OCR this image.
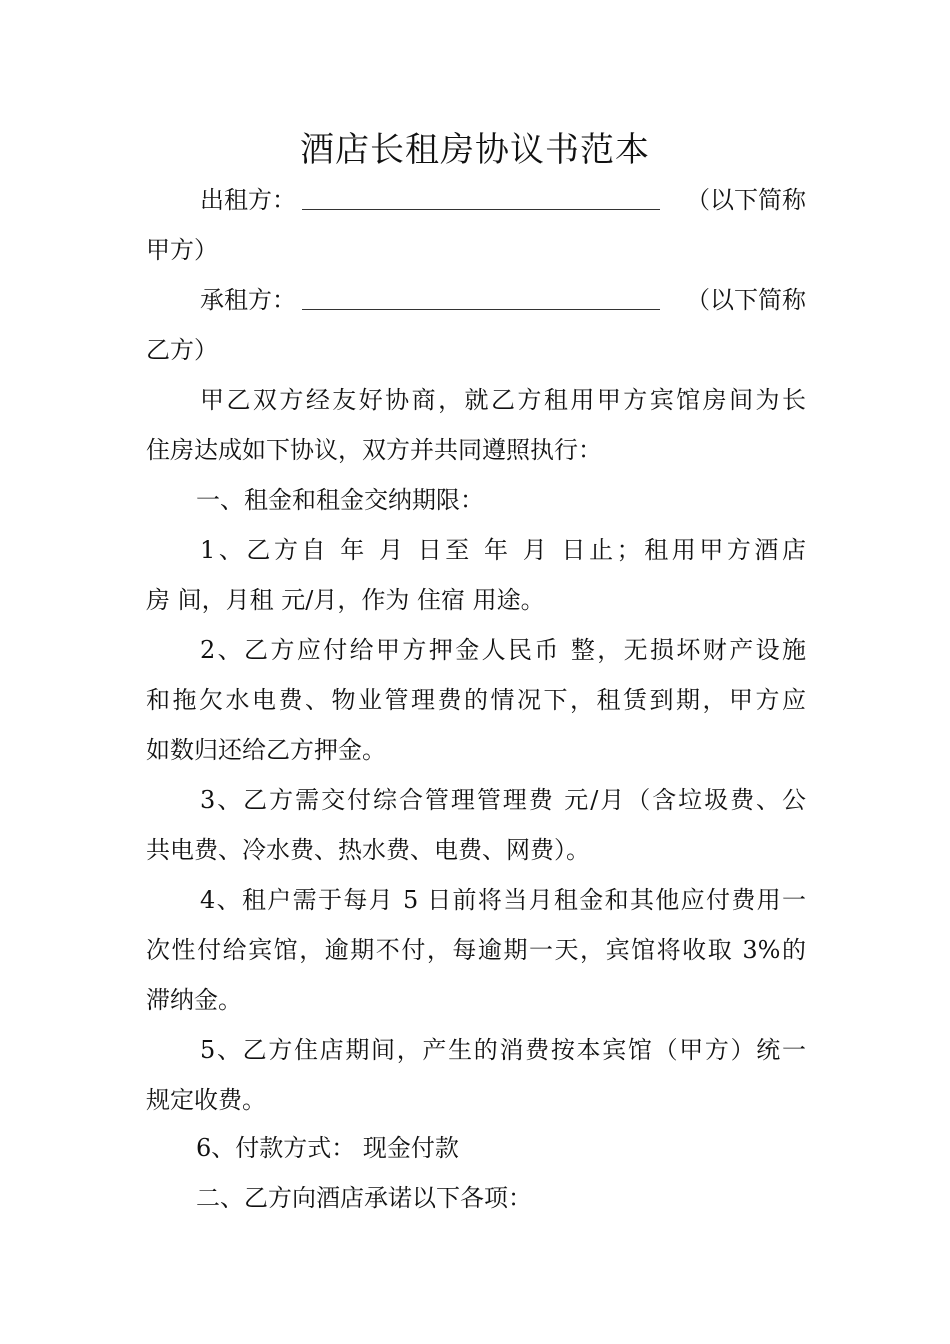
酒店长租房协议书范本
出租方：	（以下简称
甲方）
承租方：	（以下简称
乙方）
甲乙双方经友好协商，就乙方租用甲方宾馆房间为长
住房达成如下协议，双方并共同遵照执行：
一、租金和租金交纳期限：
1、乙方自 年 月 日至 年 月 日止；租用甲方酒店
房 间，月租 元/月，作为 住宿 用途。
2、乙方应付给甲方押金人民币 整，无损坏财产设施
和拖欠水电费、物业管理费的情况下，租赁到期，甲方应
如数归还给乙方押金。
3、乙方需交付综合管理管理费 元/月（含垃圾费、公
共电费、冷水费、热水费、电费、网费）。
4、租户需于每月 5 日前将当月租金和其他应付费用一
次性付给宾馆，逾期不付，每逾期一天，宾馆将收取 3%的
滞纳金。
5、乙方住店期间，产生的消费按本宾馆（甲方）统一
规定收费。
6、付款方式： 现金付款
二、乙方向酒店承诺以下各项：
